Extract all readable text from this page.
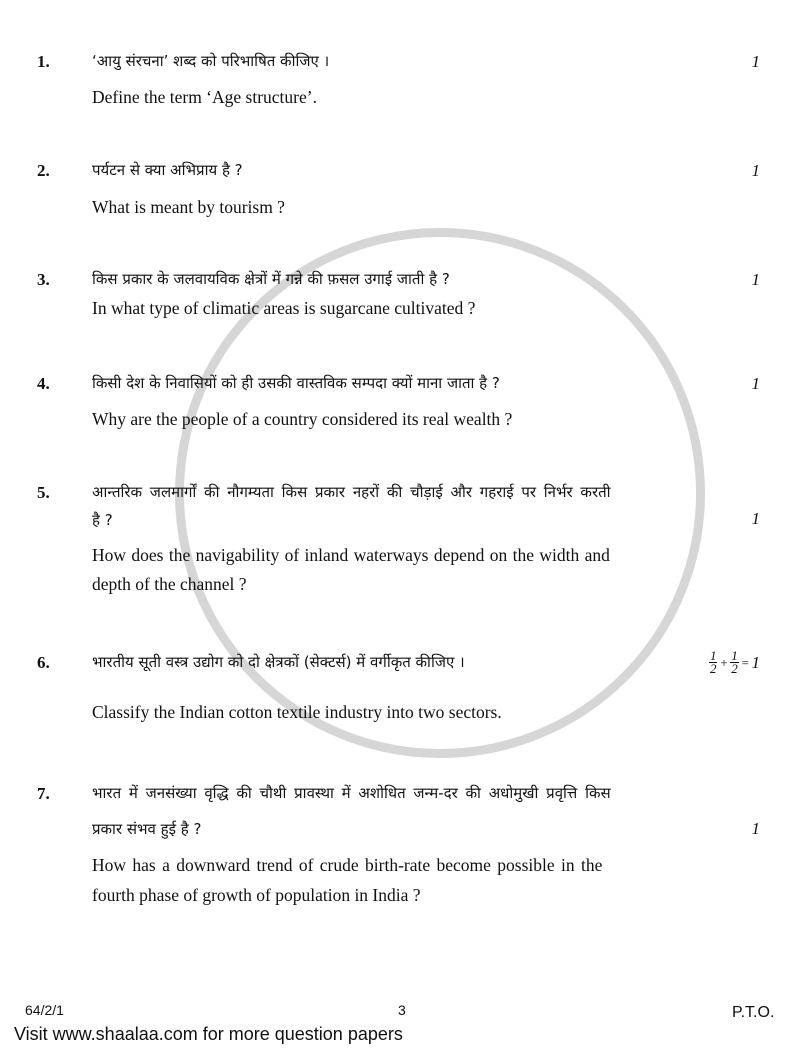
1.	‘आयु संरचना’ शब्द को परिभाषित कीजिए ।	1
Define the term ‘Age structure’.
2.	पर्यटन से क्या अभिप्राय है ?	1
What is meant by tourism ?
3.	किस प्रकार के जलवायविक क्षेत्रों में गन्ने की फ़सल उगाई जाती है ?	1
In what type of climatic areas is sugarcane cultivated ?
4.	किसी देश के निवासियों को ही उसकी वास्तविक सम्पदा क्यों माना जाता है ?	1
Why are the people of a country considered its real wealth ?
5.	आन्तरिक जलमार्गों की नौगम्यता किस प्रकार नहरों की चौड़ाई और गहराई पर निर्भर करती
है ?	1
How does the navigability of inland waterways depend on the width and
depth of the channel ?
6.	भारतीय सूती वस्त्र उद्योग को दो क्षेत्रकों (सेक्टर्स) में वर्गीकृत कीजिए ।	$\frac{1}{2} + \frac{1}{2} = 1$
Classify the Indian cotton textile industry into two sectors.
7.	भारत में जनसंख्या वृद्धि की चौथी प्रावस्था में अशोधित जन्म-दर की अधोमुखी प्रवृत्ति किस
प्रकार संभव हुई है ?	1
How has a downward trend of crude birth-rate become possible in the
fourth phase of growth of population in India ?
64/2/1	3	P.T.O.
Visit www.shaalaa.com for more question papers
